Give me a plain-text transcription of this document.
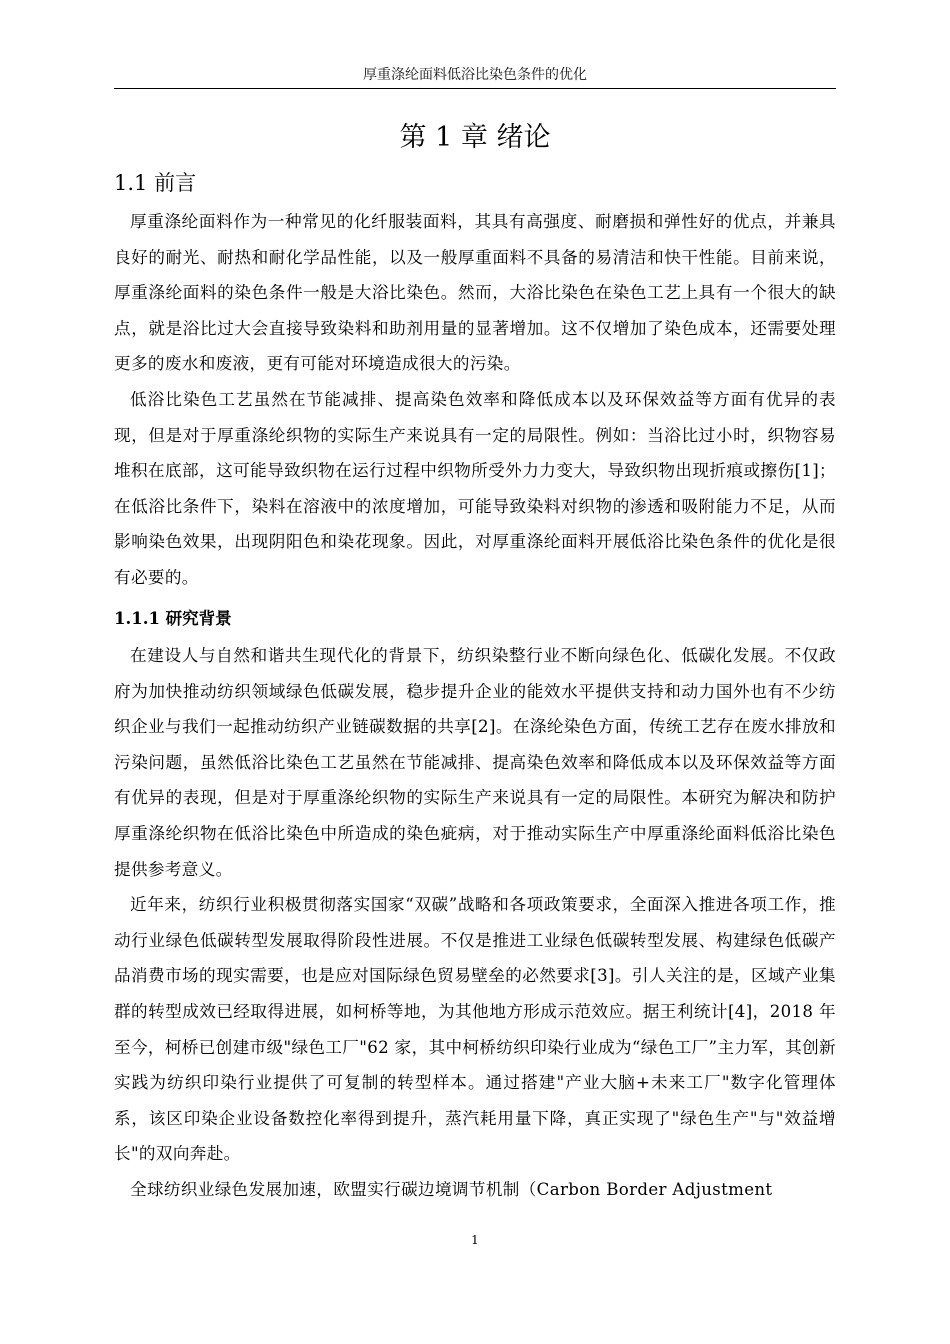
厚重涤纶面料低浴比染色条件的优化
第 1 章 绪论
1.1 前言

厚重涤纶面料作为一种常见的化纤服装面料，其具有高强度、耐磨损和弹性好的优点，并兼具良好的耐光、耐热和耐化学品性能，以及一般厚重面料不具备的易清洁和快干性能。目前来说，厚重涤纶面料的染色条件一般是大浴比染色。然而，大浴比染色在染色工艺上具有一个很大的缺点，就是浴比过大会直接导致染料和助剂用量的显著增加。这不仅增加了染色成本，还需要处理更多的废水和废液，更有可能对环境造成很大的污染。

低浴比染色工艺虽然在节能减排、提高染色效率和降低成本以及环保效益等方面有优异的表现，但是对于厚重涤纶织物的实际生产来说具有一定的局限性。例如：当浴比过小时，织物容易堆积在底部，这可能导致织物在运行过程中织物所受外力力变大，导致织物出现折痕或擦伤[1]；在低浴比条件下，染料在溶液中的浓度增加，可能导致染料对织物的渗透和吸附能力不足，从而影响染色效果，出现阴阳色和染花现象。因此，对厚重涤纶面料开展低浴比染色条件的优化是很有必要的。

1.1.1 研究背景

在建设人与自然和谐共生现代化的背景下，纺织染整行业不断向绿色化、低碳化发展。不仅政府为加快推动纺织领域绿色低碳发展，稳步提升企业的能效水平提供支持和动力国外也有不少纺织企业与我们一起推动纺织产业链碳数据的共享[2]。在涤纶染色方面，传统工艺存在废水排放和污染问题，虽然低浴比染色工艺虽然在节能减排、提高染色效率和降低成本以及环保效益等方面有优异的表现，但是对于厚重涤纶织物的实际生产来说具有一定的局限性。本研究为解决和防护厚重涤纶织物在低浴比染色中所造成的染色疵病，对于推动实际生产中厚重涤纶面料低浴比染色提供参考意义。

近年来，纺织行业积极贯彻落实国家“双碳”战略和各项政策要求，全面深入推进各项工作，推动行业绿色低碳转型发展取得阶段性进展。不仅是推进工业绿色低碳转型发展、构建绿色低碳产品消费市场的现实需要，也是应对国际绿色贸易壁垒的必然要求[3]。引人关注的是，区域产业集群的转型成效已经取得进展，如柯桥等地，为其他地方形成示范效应。据王利统计[4]，2018 年至今，柯桥已创建市级"绿色工厂"62 家，其中柯桥纺织印染行业成为“绿色工厂”主力军，其创新实践为纺织印染行业提供了可复制的转型样本。通过搭建"产业大脑+未来工厂"数字化管理体系，该区印染企业设备数控化率得到提升，蒸汽耗用量下降，真正实现了"绿色生产"与"效益增长"的双向奔赴。

全球纺织业绿色发展加速，欧盟实行碳边境调节机制（Carbon Border Adjustment

1
